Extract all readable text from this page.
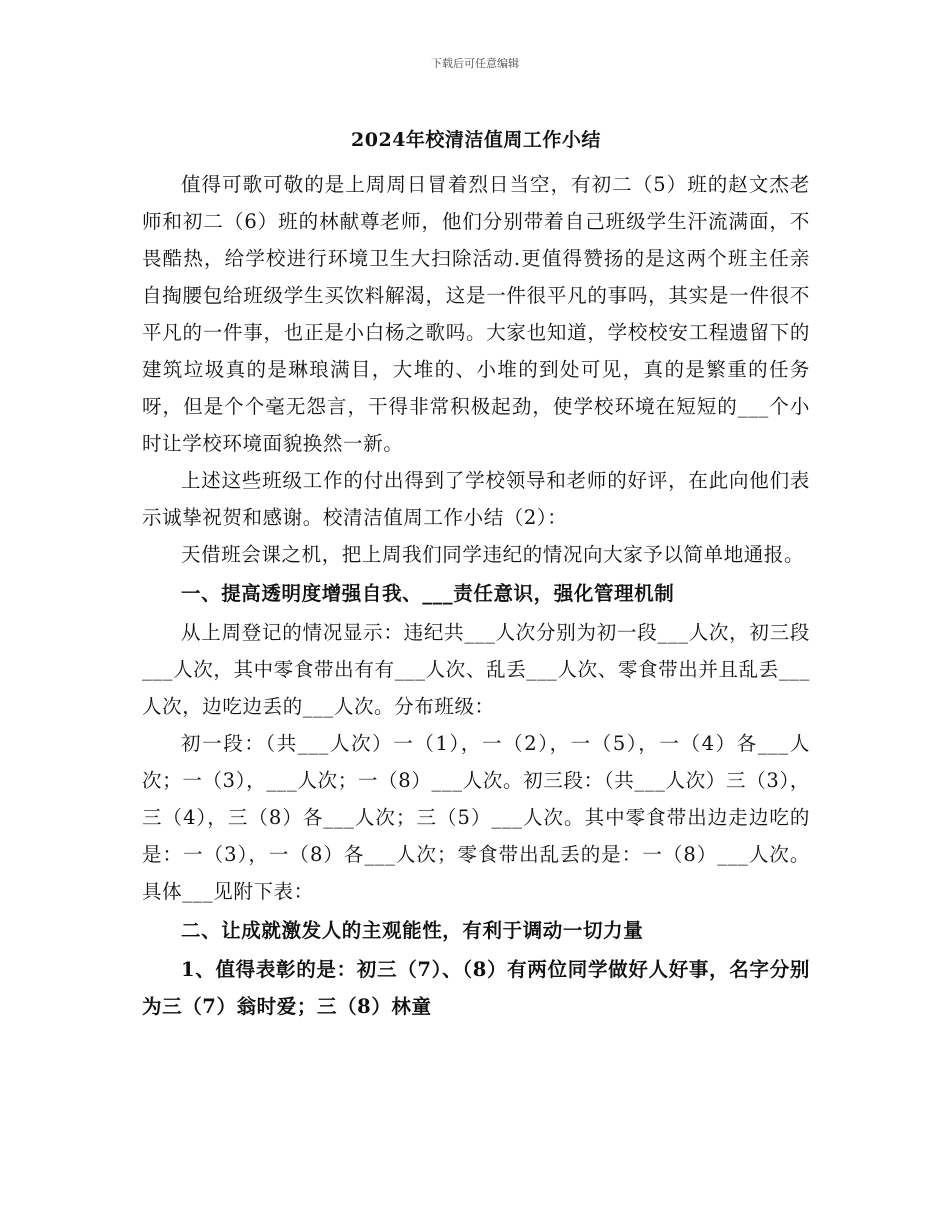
下载后可任意编辑
2024年校清洁值周工作小结

值得可歌可敬的是上周周日冒着烈日当空，有初二（5）班的赵文杰老师和初二（6）班的林献尊老师，他们分别带着自己班级学生汗流满面，不畏酷热，给学校进行环境卫生大扫除活动.更值得赞扬的是这两个班主任亲自掏腰包给班级学生买饮料解渴，这是一件很平凡的事吗，其实是一件很不平凡的一件事，也正是小白杨之歌吗。大家也知道，学校校安工程遗留下的建筑垃圾真的是琳琅满目，大堆的、小堆的到处可见，真的是繁重的任务呀，但是个个毫无怨言，干得非常积极起劲，使学校环境在短短的___个小时让学校环境面貌换然一新。

上述这些班级工作的付出得到了学校领导和老师的好评，在此向他们表示诚挚祝贺和感谢。校清洁值周工作小结（2）：

天借班会课之机，把上周我们同学违纪的情况向大家予以简单地通报。

一、提高透明度增强自我、___责任意识，强化管理机制

从上周登记的情况显示：违纪共___人次分别为初一段___人次，初三段___人次，其中零食带出有有___人次、乱丢___人次、零食带出并且乱丢___人次，边吃边丢的___人次。分布班级：

初一段：（共___人次）一（1），一（2），一（5），一（4）各___人次；一（3），___人次；一（8）___人次。初三段：（共___人次）三（3），三（4），三（8）各___人次；三（5）___人次。其中零食带出边走边吃的是：一（3），一（8）各___人次；零食带出乱丢的是：一（8）___人次。具体___见附下表：

二、让成就激发人的主观能性，有利于调动一切力量

1、值得表彰的是：初三（7）、（8）有两位同学做好人好事，名字分别为三（7）翁时爱；三（8）林童
